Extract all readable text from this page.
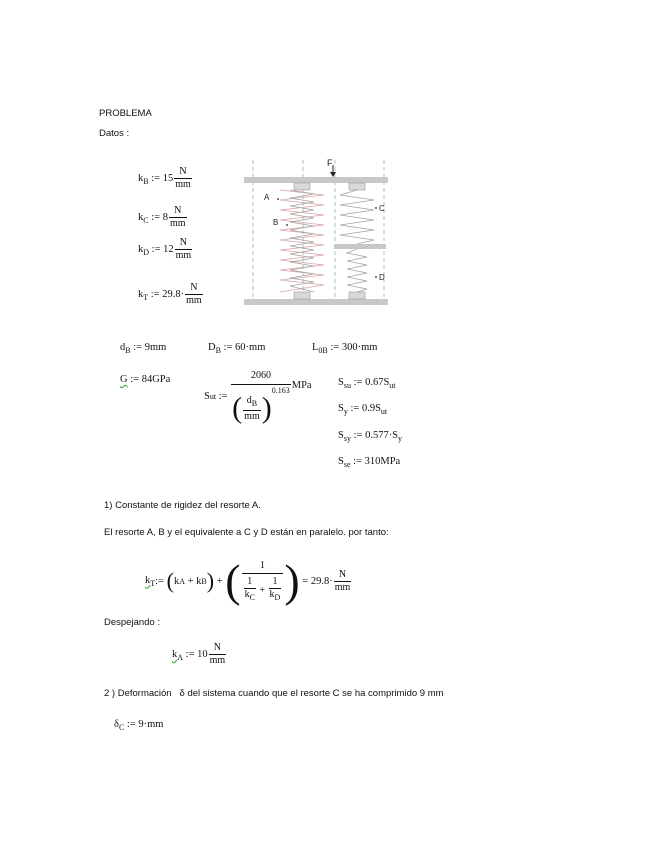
PROBLEMA
Datos :
$k_B$ := $15 \frac{N}{mm}$
$k_C$ := $8 \frac{N}{mm}$
$k_D$ := $12 \frac{N}{mm}$
$k_T$ := $29.8\cdot \frac{N}{mm}$
F
A
B
C
D
$d_B$ := 9mm	$D_B$ := 60·mm	$L_{0B}$ := 300·mm
G := 84GPa
S ut
:=
$\frac{2060}{( \frac{d_B}{mm} )^{0.163}}$ MPa	$S_{su}$ := $0.67S_{ut}$
$S_y$ := $0.9S_{ut}$
$S_{sy}$ := $0.577\cdot S_y$
$S_{se}$ := 310MPa
1) Constante de rigidez del resorte A.
El resorte A, B y el equivalente a C y D están en paralelo. por tanto:
$k_T$ :=
( k A
+
k B )
+
( 1
$\frac{1}{k_C}$
+
$\frac{1}{k_D}$ )
=
$29.8 \cdot \frac{N}{mm}$
Despejando :
$k_A$ := $10 \frac{N}{mm}$
2 ) Deformación δ del sistema cuando que el resorte C se ha comprimido 9 mm
$\delta_C$ := 9·mm
